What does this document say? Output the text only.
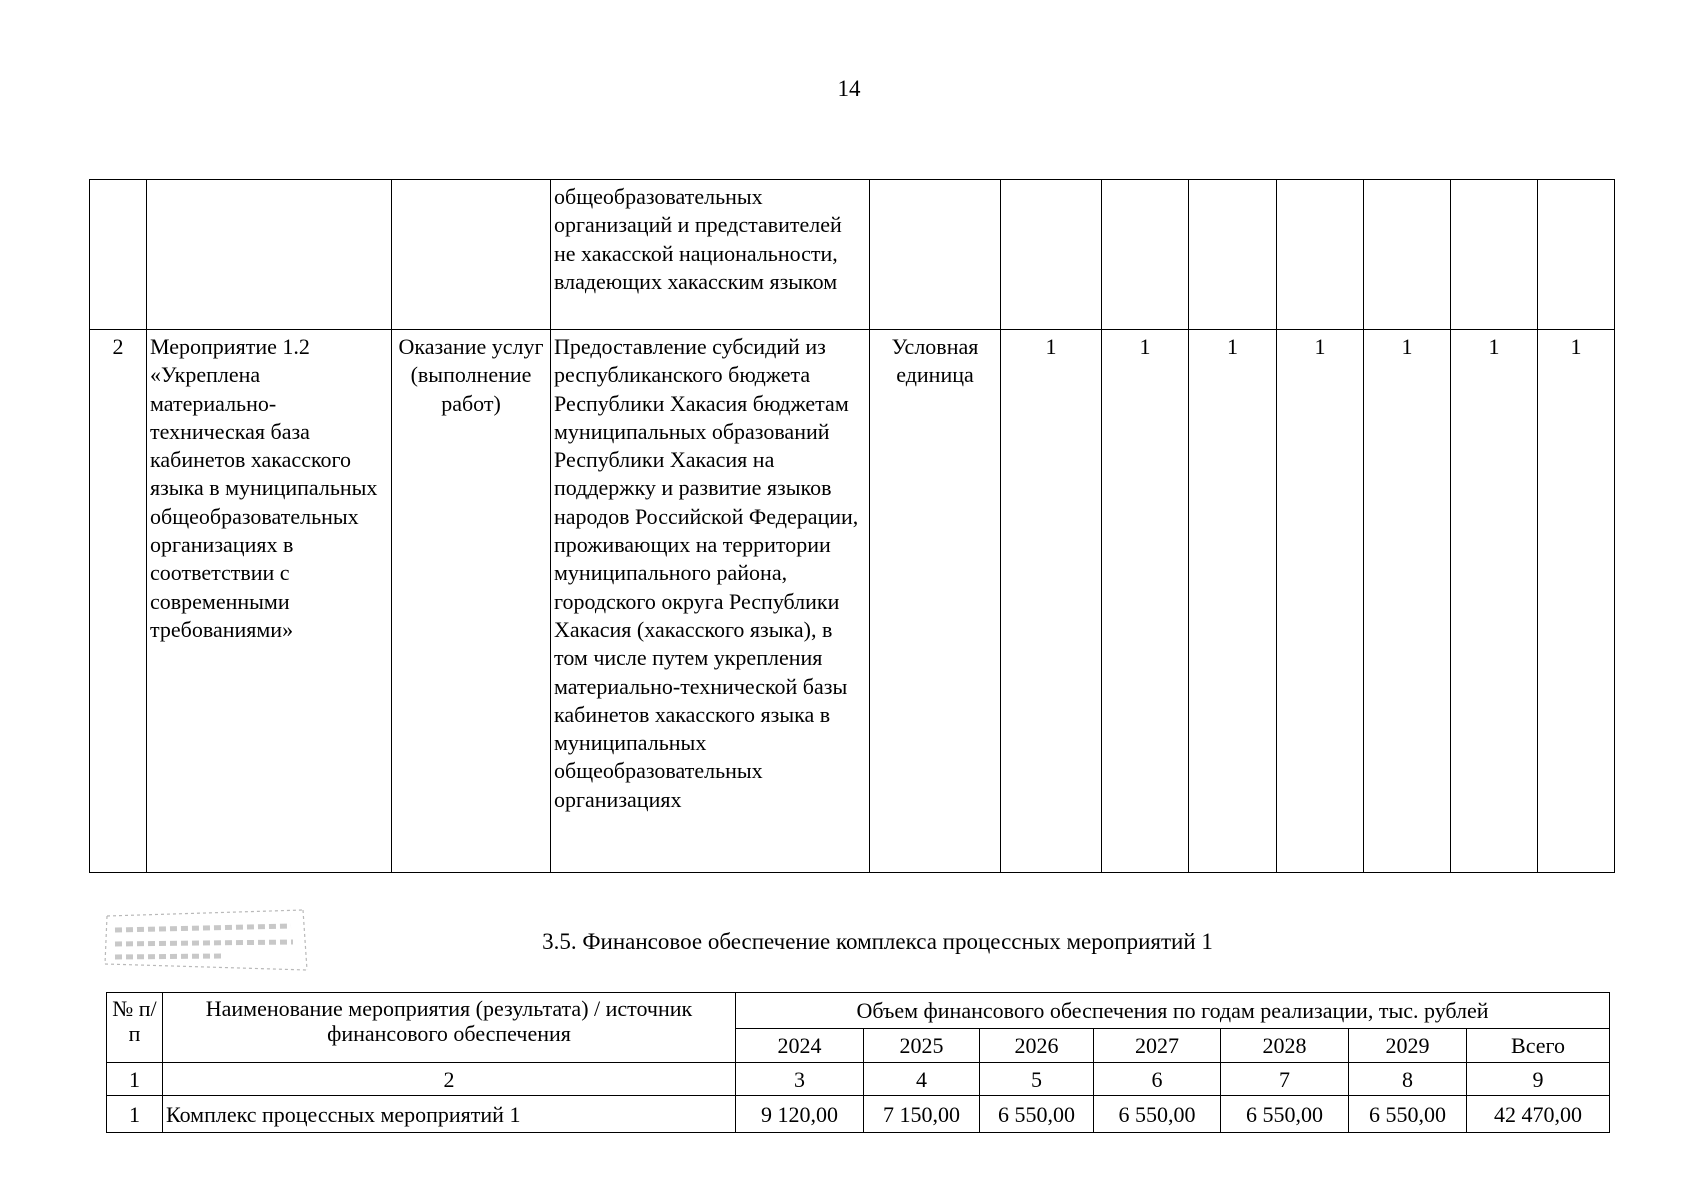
14
			общеобразовательных организаций и представителей не хакасской национальности, владеющих хакасским языком								
2	Мероприятие 1.2 «Укреплена материально-техническая база кабинетов хакасского языка в муниципальных общеобразовательных организациях в соответствии с современными требованиями»	Оказание услуг (выполнение работ)	Предоставление субсидий из республиканского бюджета Республики Хакасия бюджетам муниципальных образований Республики Хакасия на поддержку и развитие языков народов Российской Федерации, проживающих на территории муниципального района, городского округа Республики Хакасия (хакасского языка), в том числе путем укрепления материально-технической базы кабинетов хакасского языка в муниципальных общеобразовательных организациях	Условная единица	1	1	1	1	1	1	1
3.5. Финансовое обеспечение комплекса процессных мероприятий 1
№ п/п	Наименование мероприятия (результата) / источник финансового обеспечения	Объем финансового обеспечения по годам реализации, тыс. рублей						
		2024	2025	2026	2027	2028	2029	Всего
1	2	3	4	5	6	7	8	9
1	Комплекс процессных мероприятий 1	9 120,00	7 150,00	6 550,00	6 550,00	6 550,00	6 550,00	42 470,00
